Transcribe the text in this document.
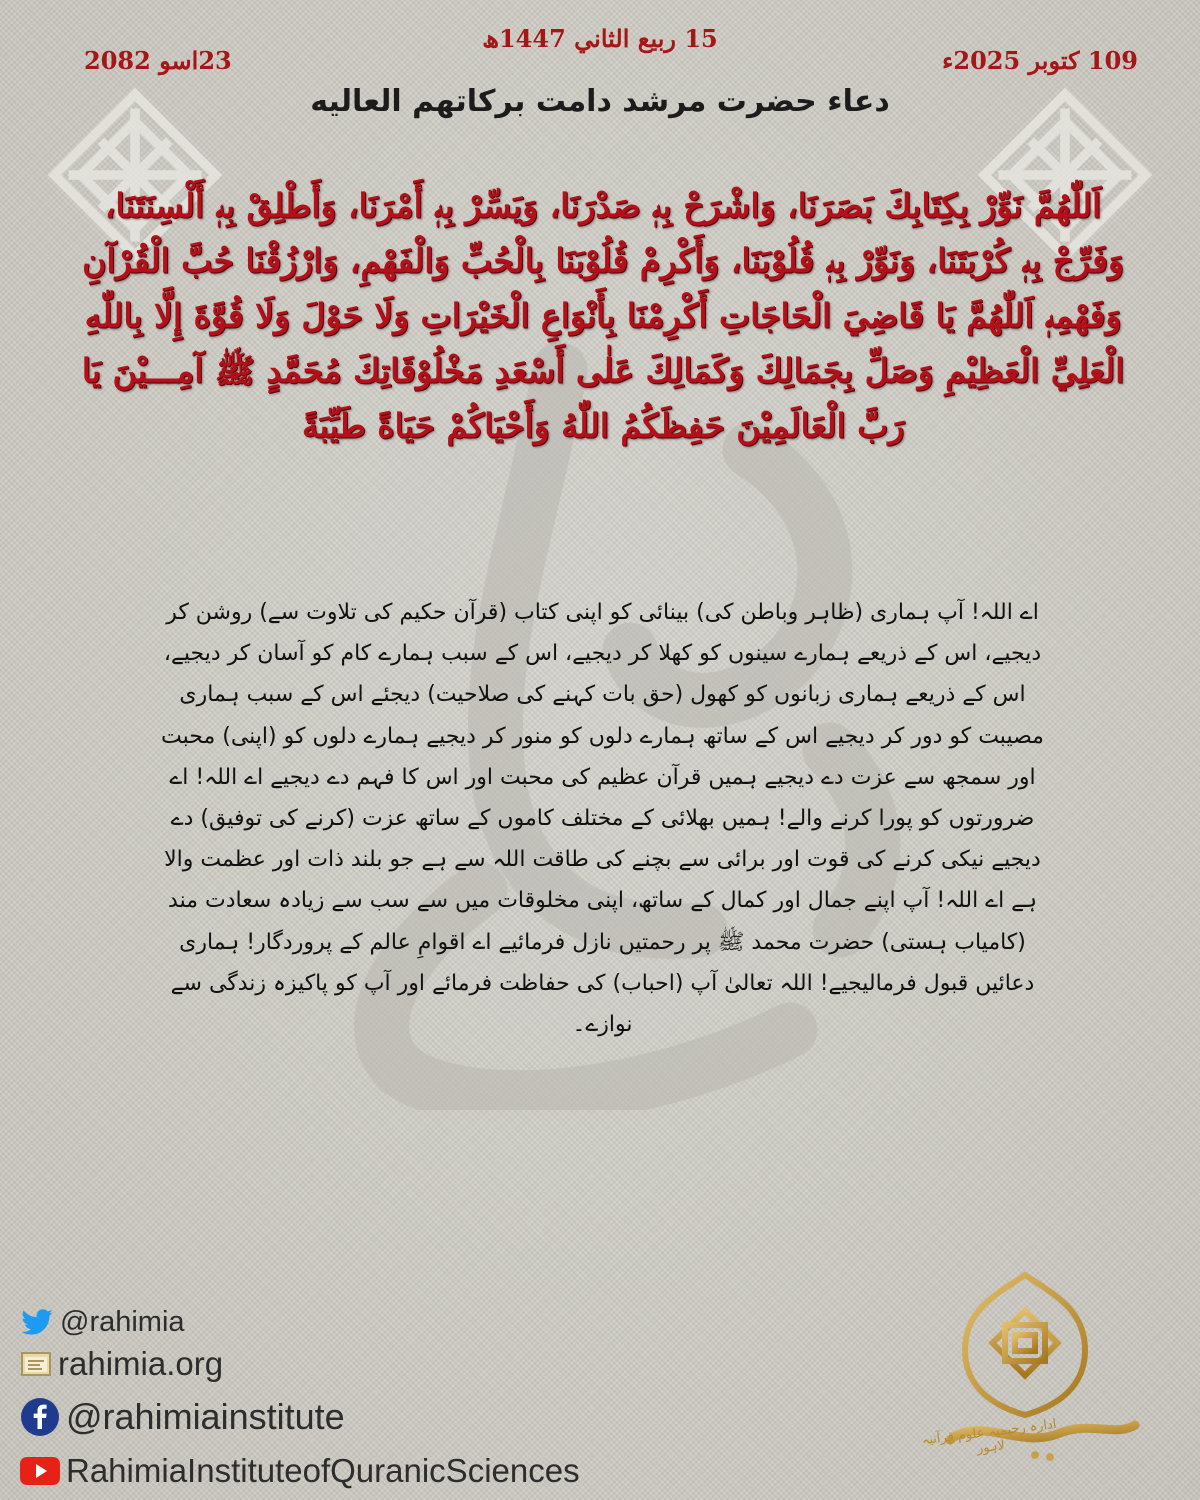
15 ربيع الثاني 1447ھ
109 کتوبر 2025ء
23اسو 2082
دعاء حضرت مرشد دامت برکاتھم العالیه
اَللّٰهُمَّ نَوِّرْ بِكِتَابِكَ بَصَرَنَا، وَاشْرَحْ بِهٖ صَدْرَنَا، وَيَسِّرْ بِهٖ أَمْرَنَا، وَأَطْلِقْ بِهٖ أَلْسِنَتَنَا، وَفَرِّجْ بِهٖ كُرْبَتَنَا، وَنَوِّرْ بِهٖ قُلُوْبَنَا، وَأَكْرِمْ قُلُوْبَنَا بِالْحُبِّ وَالْفَهْمِ، وَارْزُقْنَا حُبَّ الْقُرْآنِ وَفَهْمِهٖ اَللّٰهُمَّ يَا قَاضِيَ الْحَاجَاتِ أَكْرِمْنَا بِأَنْوَاعِ الْخَيْرَاتِ وَلَا حَوْلَ وَلَا قُوَّةَ إِلَّا بِاللّٰهِ الْعَلِيِّ الْعَظِيْمِ وَصَلِّ بِجَمَالِكَ وَكَمَالِكَ عَلٰى أَسْعَدِ مَخْلُوْقَاتِكَ مُحَمَّدٍ ﷺ آمِـــيْنَ يَا رَبَّ الْعَالَمِيْنَ حَفِظَكُمُ اللّٰهُ وَأَحْيَاكُمْ حَيَاةً طَيِّبَةً
اے اللہ! آپ ہماری (ظاہر وباطن کی) بینائی کو اپنی کتاب (قرآن حکیم کی تلاوت سے) روشن کر دیجیے، اس کے ذریعے ہمارے سینوں کو کھلا کر دیجیے، اس کے سبب ہمارے کام کو آسان کر دیجیے، اس کے ذریعے ہماری زبانوں کو کھول (حق بات کہنے کی صلاحیت) دیجئے اس کے سبب ہماری مصیبت کو دور کر دیجیے اس کے ساتھ ہمارے دلوں کو منور کر دیجیے ہمارے دلوں کو (اپنی) محبت اور سمجھ سے عزت دے دیجیے ہمیں قرآن عظیم کی محبت اور اس کا فہم دے دیجیے اے اللہ! اے ضرورتوں کو پورا کرنے والے! ہمیں بھلائی کے مختلف کاموں کے ساتھ عزت (کرنے کی توفیق) دے دیجیے نیکی کرنے کی قوت اور برائی سے بچنے کی طاقت اللہ سے ہے جو بلند ذات اور عظمت والا ہے اے اللہ! آپ اپنے جمال اور کمال کے ساتھ، اپنی مخلوقات میں سے سب سے زیادہ سعادت مند (کامیاب ہستی) حضرت محمد ﷺ پر رحمتیں نازل فرمائیے اے اقوامِ عالم کے پروردگار! ہماری دعائیں قبول فرمالیجیے! اللہ تعالیٰ آپ (احباب) کی حفاظت فرمائے اور آپ کو پاکیزہ زندگی سے نوازے۔
@rahimia
rahimia.org
@rahimiainstitute
RahimiaInstituteofQuranicSciences
ادارہ رحیمیہ علوم قرآنیہ لاہور
